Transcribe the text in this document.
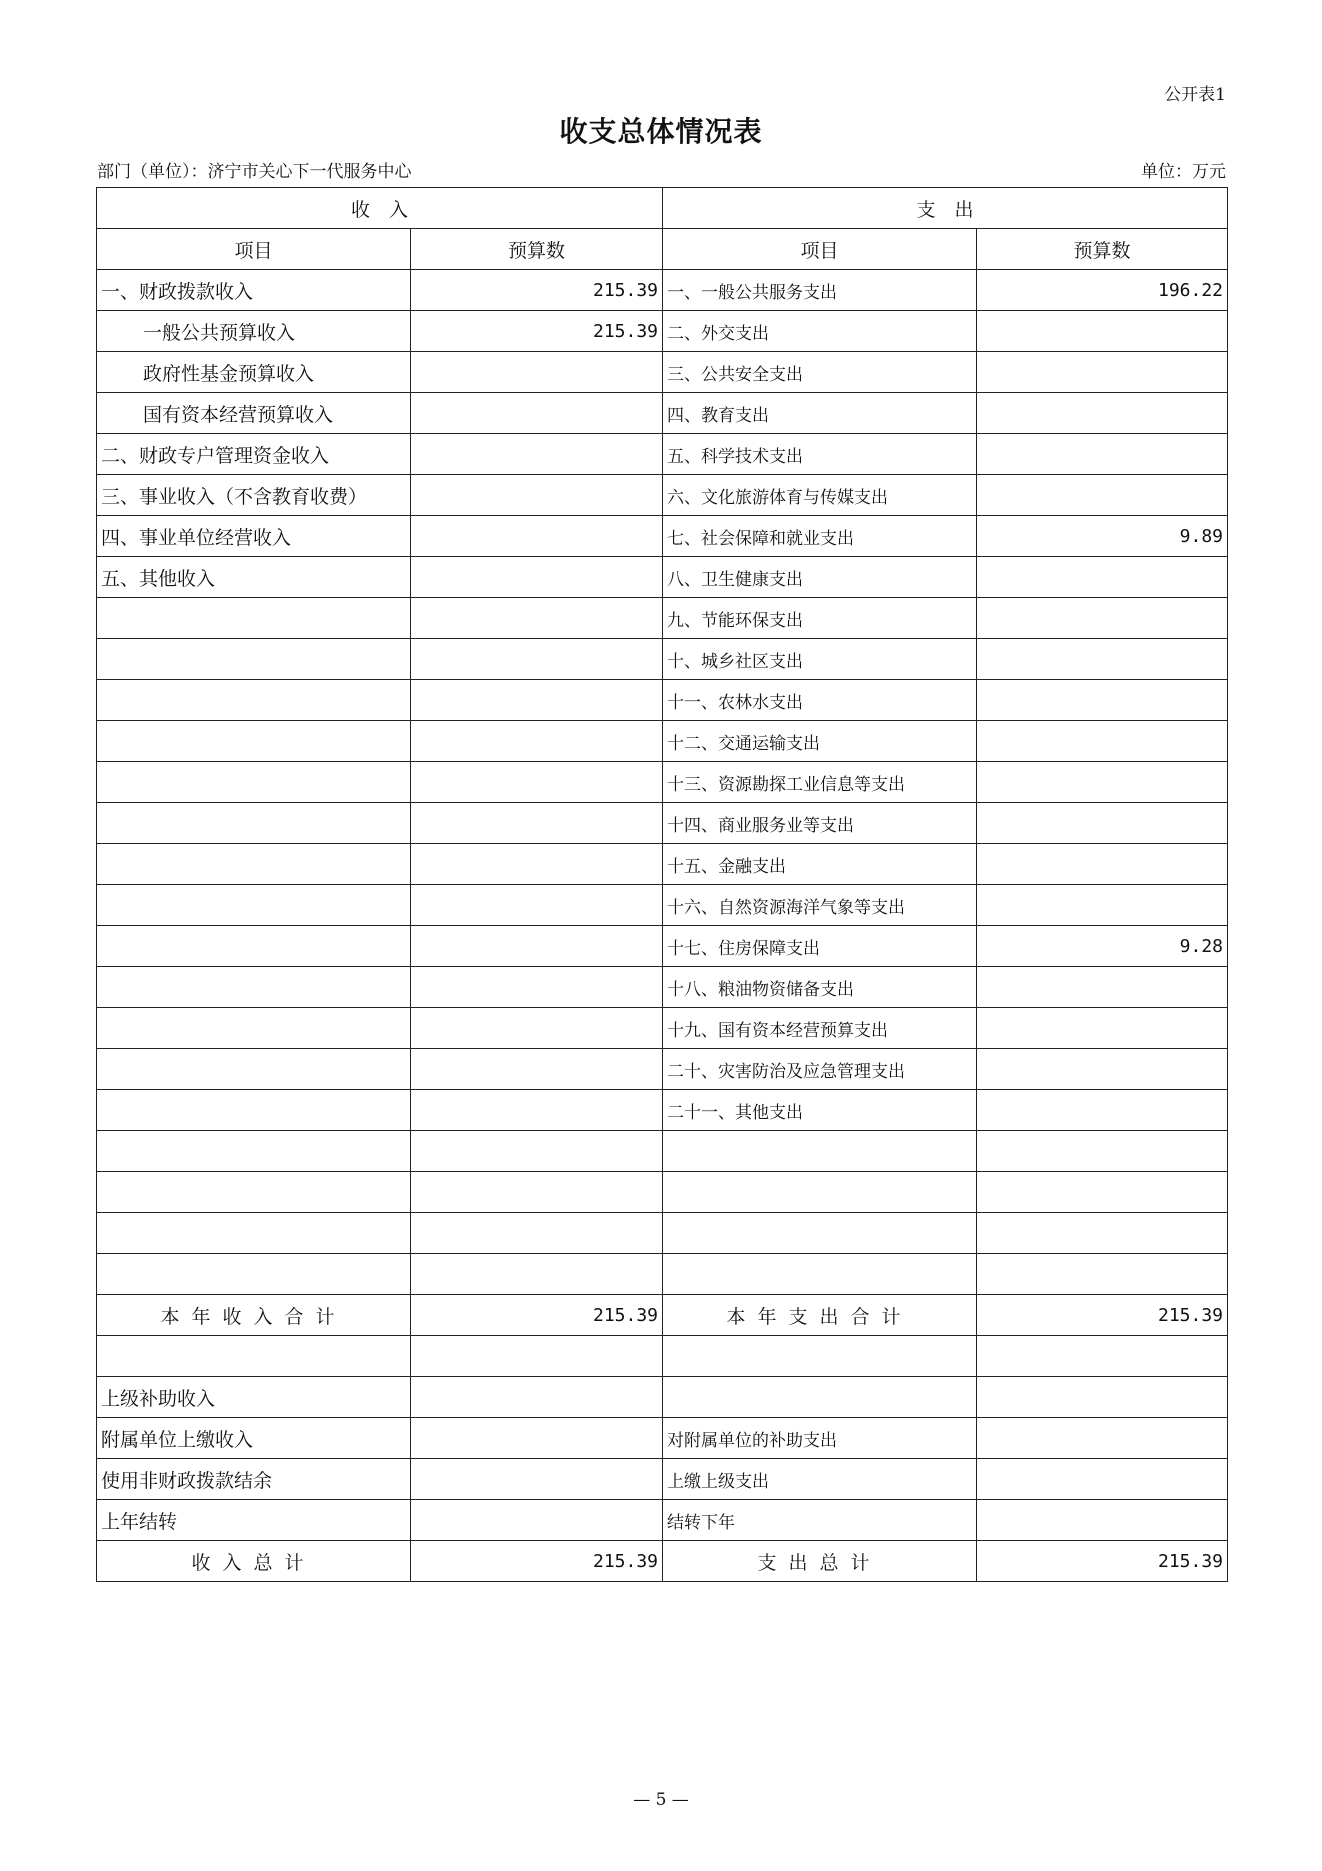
公开表1
收支总体情况表
部门（单位）：济宁市关心下一代服务中心	单位：万元
收　入		支　出	
项目	预算数	项目	预算数
一、财政拨款收入	215.39	一、一般公共服务支出	196.22
一般公共预算收入	215.39	二、外交支出	
政府性基金预算收入		三、公共安全支出	
国有资本经营预算收入		四、教育支出	
二、财政专户管理资金收入		五、科学技术支出	
三、事业收入（不含教育收费）		六、文化旅游体育与传媒支出	
四、事业单位经营收入		七、社会保障和就业支出	9.89
五、其他收入		八、卫生健康支出	
		九、节能环保支出	
		十、城乡社区支出	
		十一、农林水支出	
		十二、交通运输支出	
		十三、资源勘探工业信息等支出	
		十四、商业服务业等支出	
		十五、金融支出	
		十六、自然资源海洋气象等支出	
		十七、住房保障支出	9.28
		十八、粮油物资储备支出	
		十九、国有资本经营预算支出	
		二十、灾害防治及应急管理支出	
		二十一、其他支出	

本年收入合计	215.39	本年支出合计	215.39

上级补助收入			
附属单位上缴收入		对附属单位的补助支出	
使用非财政拨款结余		上缴上级支出	
上年结转		结转下年	
收入总计	215.39	支出总计	215.39
— 5 —
